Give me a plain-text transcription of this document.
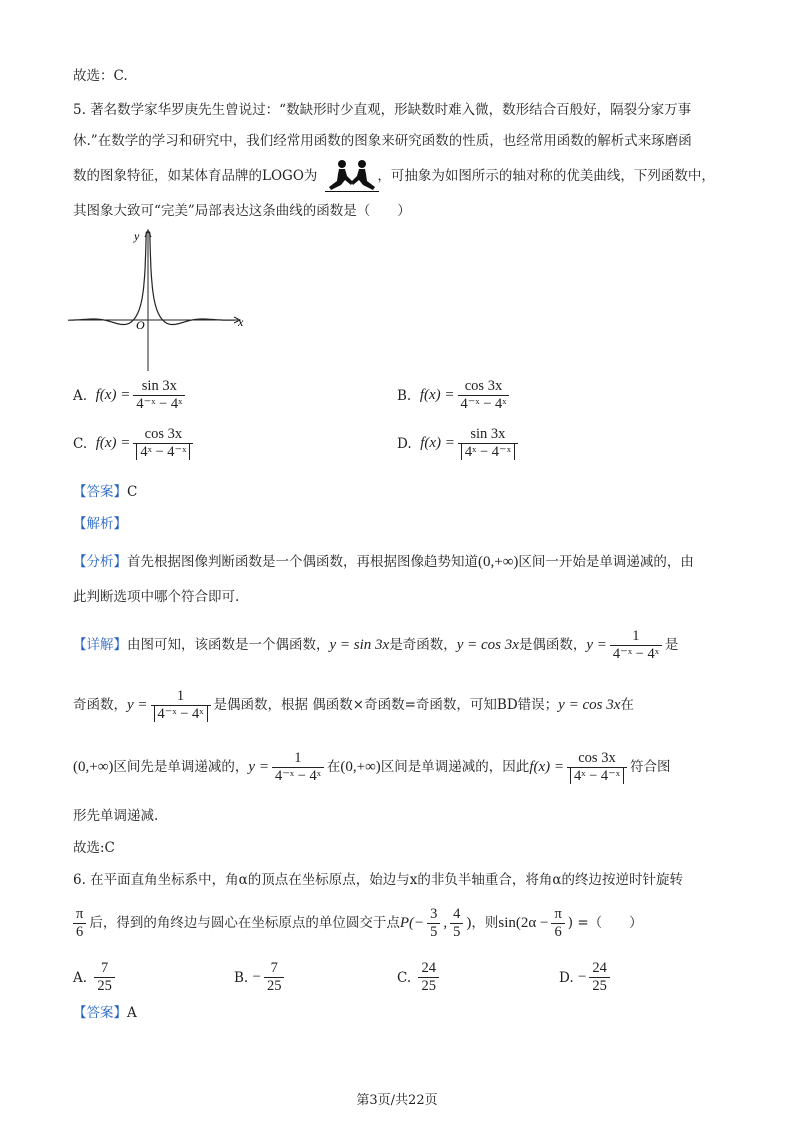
故选：C.
5. 著名数学家华罗庚先生曾说过：“数缺形时少直观，形缺数时难入微，数形结合百般好，隔裂分家万事
休.”在数学的学习和研究中，我们经常用函数的图象来研究函数的性质，也经常用函数的解析式来琢磨函
数的图象特征，如某体育品牌的LOGO为	，可抽象为如图所示的轴对称的优美曲线，下列函数中，
其图象大致可“完美”局部表达这条曲线的函数是（　　）
y
x
O
A.
$f(x) = \frac{\sin 3x}{\text{4⁻ˣ − 4ˣ}}$	B.
$f(x) = \frac{\cos 3x}{\text{4⁻ˣ − 4ˣ}}$
C.
$f(x) = \frac{\cos 3x}{\text{4ˣ − 4⁻ˣ}}$	D.
$f(x) = \frac{\sin 3x}{\text{4ˣ − 4⁻ˣ}}$
【答案】C
【解析】
【分析】首先根据图像判断函数是一个偶函数，再根据图像趋势知道(0,+∞)区间一开始是单调递减的，由
此判断选项中哪个符合即可.
【详解】由图可知，该函数是一个偶函数，y = sin 3x是奇函数，y = cos 3x是偶函数，$y = \frac{1}{\text{4⁻ˣ − 4ˣ}}$ 是
奇函数，$y = \frac{1}{\text{4⁻ˣ − 4ˣ}}$ 是偶函数，根据 偶函数×奇函数=奇函数，可知BD错误；y = cos 3x在
(0,+∞)区间先是单调递减的，$y = \frac{1}{\text{4⁻ˣ − 4ˣ}}$ 在(0,+∞)区间是单调递减的，因此$f(x) = \frac{\cos 3x}{\text{4ˣ − 4⁻ˣ}}$ 符合图
形先单调递减.
故选:C
6. 在平面直角坐标系中，角α的顶点在坐标原点，始边与x的非负半轴重合，将角α的终边按逆时针旋转
$\frac{\pi}{6}$ 后，得到的角终边与圆心在坐标原点的单位圆交于点$P(- \frac{3}{5}$ , $\frac{4}{5}$ )，则$\sin(2\alpha - \frac{\pi}{6}$ ) =（　　）
A.
$\frac{7}{25}$	B.
− $\frac{7}{25}$	C.
$\frac{24}{25}$	D.
− $\frac{24}{25}$
【答案】A
第3页/共22页
